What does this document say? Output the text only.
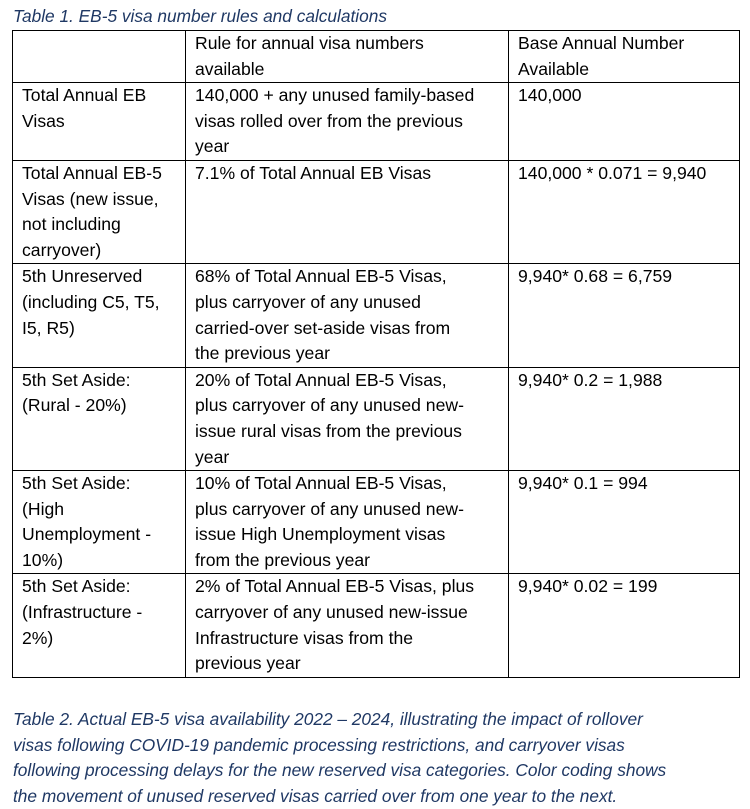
Table 1. EB-5 visa number rules and calculations
	Rule for annual visa numbers
available	Base Annual Number
Available
Total Annual EB
Visas	140,000 + any unused family-based
visas rolled over from the previous
year	140,000
Total Annual EB-5
Visas (new issue,
not including
carryover)	7.1% of Total Annual EB Visas	140,000 * 0.071 = 9,940
5th Unreserved
(including C5, T5,
I5, R5)	68% of Total Annual EB-5 Visas,
plus carryover of any unused
carried-over set-aside visas from
the previous year	9,940* 0.68 = 6,759
5th Set Aside:
(Rural - 20%)	20% of Total Annual EB-5 Visas,
plus carryover of any unused new-
issue rural visas from the previous
year	9,940* 0.2 = 1,988
5th Set Aside:
(High
Unemployment -
10%)	10% of Total Annual EB-5 Visas,
plus carryover of any unused new-
issue High Unemployment visas
from the previous year	9,940* 0.1 = 994
5th Set Aside:
(Infrastructure -
2%)	2% of Total Annual EB-5 Visas, plus
carryover of any unused new-issue
Infrastructure visas from the
previous year	9,940* 0.02 = 199
Table 2. Actual EB-5 visa availability 2022 – 2024, illustrating the impact of rollover
visas following COVID-19 pandemic processing restrictions, and carryover visas
following processing delays for the new reserved visa categories. Color coding shows
the movement of unused reserved visas carried over from one year to the next.
